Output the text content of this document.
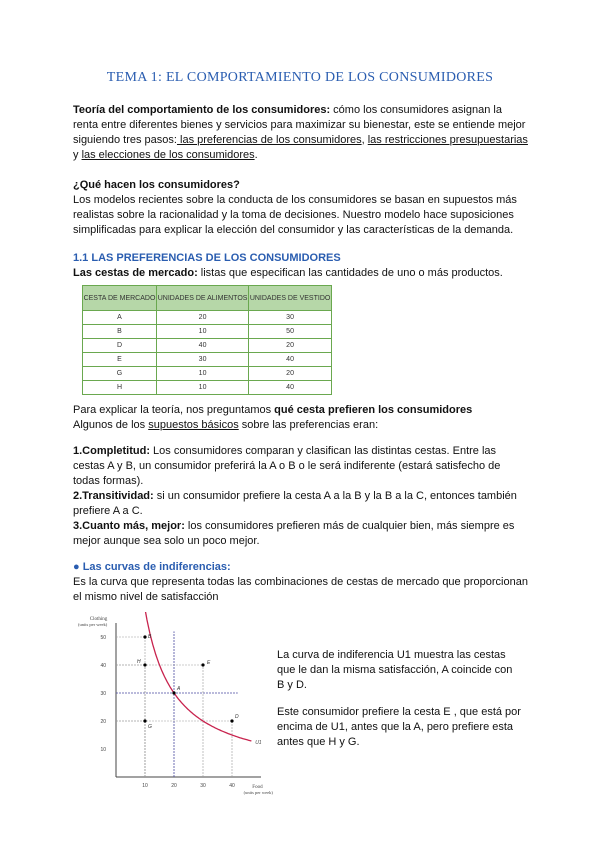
TEMA 1: EL COMPORTAMIENTO DE LOS CONSUMIDORES

Teoría del comportamiento de los consumidores: cómo los consumidores asignan la renta entre diferentes bienes y servicios para maximizar su bienestar, este se entiende mejor siguiendo tres pasos: las preferencias de los consumidores, las restricciones presupuestarias y las elecciones de los consumidores.

¿Qué hacen los consumidores?

Los modelos recientes sobre la conducta de los consumidores se basan en supuestos más realistas sobre la racionalidad y la toma de decisiones. Nuestro modelo hace suposiciones simplificadas para explicar la elección del consumidor y las características de la demanda.

1.1 LAS PREFERENCIAS DE LOS CONSUMIDORES

Las cestas de mercado: listas que especifican las cantidades de uno o más productos.

CESTA DE MERCADO	UNIDADES DE ALIMENTOS	UNIDADES DE VESTIDO
A	20	30
B	10	50
D	40	20
E	30	40
G	10	20
H	10	40

Para explicar la teoría, nos preguntamos qué cesta prefieren los consumidores
Algunos de los supuestos básicos sobre las preferencias eran:

1.Completitud: Los consumidores comparan y clasifican las distintas cestas. Entre las cestas A y B, un consumidor preferirá la A o B o le será indiferente (estará satisfecho de todas formas).

2.Transitividad: si un consumidor prefiere la cesta A a la B y la B a la C, entonces también prefiere A a C.

3.Cuanto más, mejor: los consumidores prefieren más de cualquier bien, más siempre es mejor aunque sea solo un poco mejor.

● Las curvas de indiferencias:

Es la curva que representa todas las combinaciones de cestas de mercado que proporcionan el mismo nivel de satisfacción

Clothing
(units per week)
Food
(units per week)
10
20
30
40
50
10	20	30	40
U1
A
B
D
E
G
H

La curva de indiferencia U1 muestra las cestas que le dan la misma satisfacción, A coincide con B y D.

Este consumidor prefiere la cesta E , que está por encima de U1, antes que la A, pero prefiere esta antes que H y G.
